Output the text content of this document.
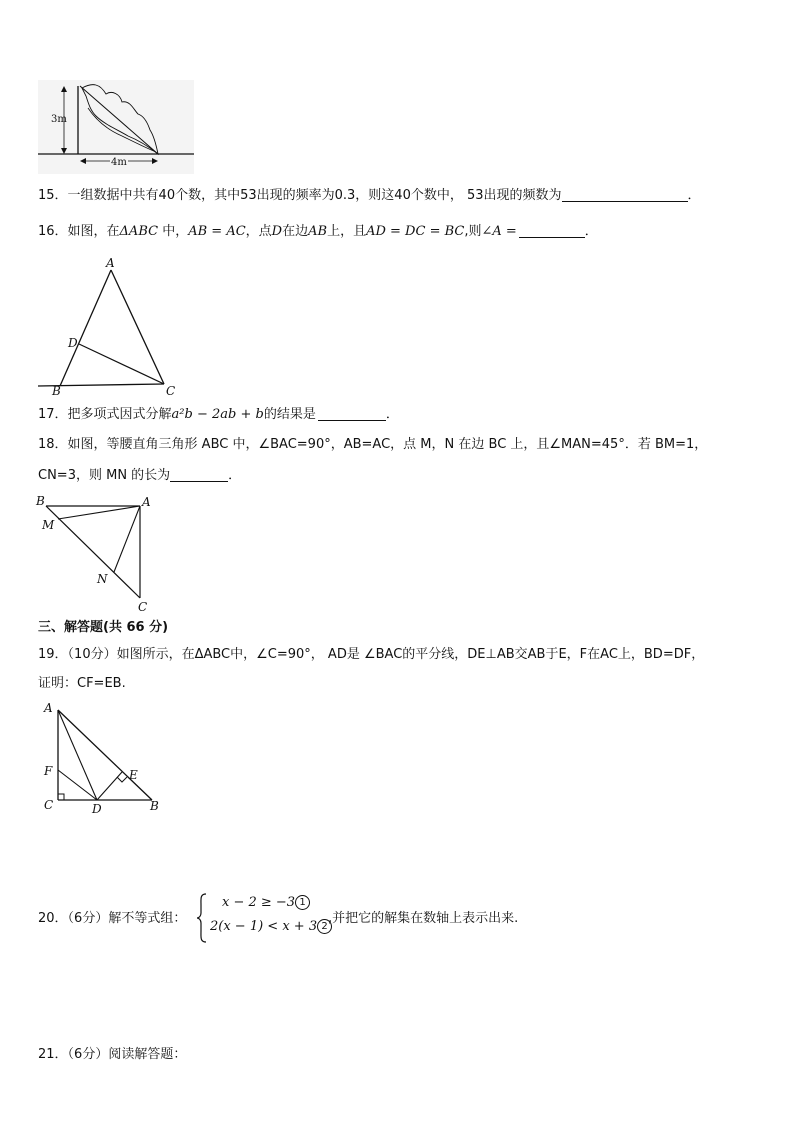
3m
4m
15．一组数据中共有40个数，其中53出现的频率为0.3，则这40个数中， 53出现的频数为	．
16．如图，在ΔABC 中，AB = AC，点D在边AB上，且AD = DC = BC,则∠A =	．
A
D
B	C
17．把多项式因式分解a²b − 2ab + b的结果是	．
18．如图，等腰直角三角形 ABC 中，∠BAC=90°，AB=AC，点 M，N 在边 BC 上，且∠MAN=45°．若 BM=1，
CN=3，则 MN 的长为	．
B	A
M
N
C
三、解答题(共 66 分)
19．（10分）如图所示，在ΔABC中，∠C=90°， AD是 ∠BAC的平分线，DE⊥AB交AB于E，F在AC上，BD=DF，
证明：CF=EB.
A
F
C	D
E
B
20．（6分）解不等式组：
x − 2 ≥ −3 1
2(x − 1) < x + 3 2
,并把它的解集在数轴上表示出来.
21．（6分）阅读解答题：
